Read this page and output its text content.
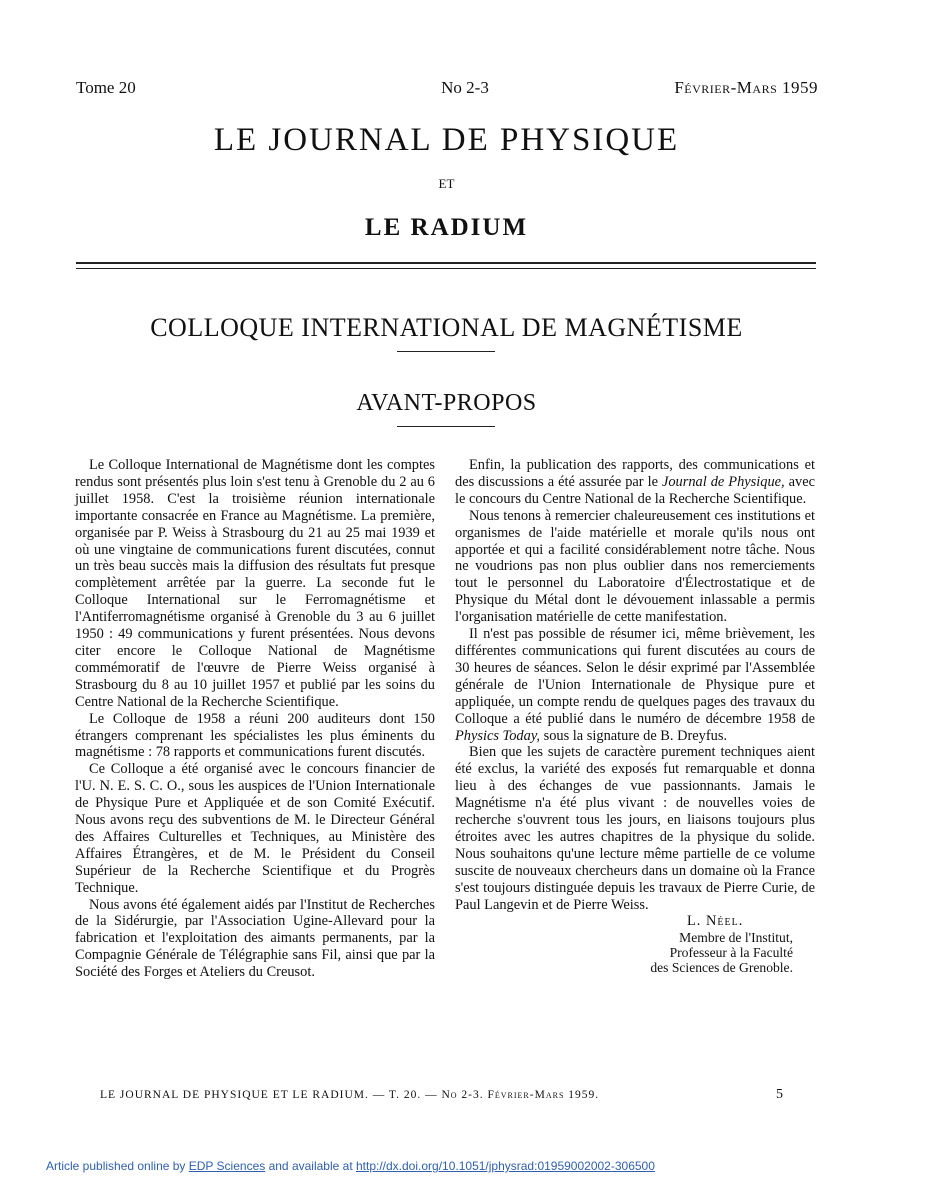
Tome 20	No 2-3	Février-Mars 1959
LE JOURNAL DE PHYSIQUE
ET
LE RADIUM
COLLOQUE INTERNATIONAL DE MAGNÉTISME
AVANT-PROPOS

Le Colloque International de Magnétisme dont les comptes rendus sont présentés plus loin s'est tenu à Grenoble du 2 au 6 juillet 1958. C'est la troisième réunion internationale importante consacrée en France au Magnétisme. La première, organisée par P. Weiss à Strasbourg du 21 au 25 mai 1939 et où une vingtaine de communications furent discutées, connut un très beau succès mais la diffusion des résultats fut presque complètement arrêtée par la guerre. La seconde fut le Colloque International sur le Ferromagnétisme et l'Antiferromagnétisme organisé à Grenoble du 3 au 6 juillet 1950 : 49 communications y furent présentées. Nous devons citer encore le Colloque National de Magnétisme commémoratif de l'œuvre de Pierre Weiss organisé à Strasbourg du 8 au 10 juillet 1957 et publié par les soins du Centre National de la Recherche Scientifique.

Le Colloque de 1958 a réuni 200 auditeurs dont 150 étrangers comprenant les spécialistes les plus éminents du magnétisme : 78 rapports et communications furent discutés.

Ce Colloque a été organisé avec le concours financier de l'U. N. E. S. C. O., sous les auspices de l'Union Internationale de Physique Pure et Appliquée et de son Comité Exécutif. Nous avons reçu des subventions de M. le Directeur Général des Affaires Culturelles et Techniques, au Ministère des Affaires Étrangères, et de M. le Président du Conseil Supérieur de la Recherche Scientifique et du Progrès Technique.

Nous avons été également aidés par l'Institut de Recherches de la Sidérurgie, par l'Association Ugine-Allevard pour la fabrication et l'exploitation des aimants permanents, par la Compagnie Générale de Télégraphie sans Fil, ainsi que par la Société des Forges et Ateliers du Creusot.

Enfin, la publication des rapports, des communications et des discussions a été assurée par le Journal de Physique, avec le concours du Centre National de la Recherche Scientifique.

Nous tenons à remercier chaleureusement ces institutions et organismes de l'aide matérielle et morale qu'ils nous ont apportée et qui a facilité considérablement notre tâche. Nous ne voudrions pas non plus oublier dans nos remerciements tout le personnel du Laboratoire d'Électrostatique et de Physique du Métal dont le dévouement inlassable a permis l'organisation matérielle de cette manifestation.

Il n'est pas possible de résumer ici, même brièvement, les différentes communications qui furent discutées au cours de 30 heures de séances. Selon le désir exprimé par l'Assemblée générale de l'Union Internationale de Physique pure et appliquée, un compte rendu de quelques pages des travaux du Colloque a été publié dans le numéro de décembre 1958 de Physics Today, sous la signature de B. Dreyfus.

Bien que les sujets de caractère purement techniques aient été exclus, la variété des exposés fut remarquable et donna lieu à des échanges de vue passionnants. Jamais le Magnétisme n'a été plus vivant : de nouvelles voies de recherche s'ouvrent tous les jours, en liaisons toujours plus étroites avec les autres chapitres de la physique du solide. Nous souhaitons qu'une lecture même partielle de ce volume suscite de nouveaux chercheurs dans un domaine où la France s'est toujours distinguée depuis les travaux de Pierre Curie, de Paul Langevin et de Pierre Weiss.

L. Néel.

Membre de l'Institut,

Professeur à la Faculté

des Sciences de Grenoble.

LE JOURNAL DE PHYSIQUE ET LE RADIUM. — T. 20. — No 2-3. Février-Mars 1959.	5
Article published online by EDP Sciences and available at http://dx.doi.org/10.1051/jphysrad:01959002002-306500
